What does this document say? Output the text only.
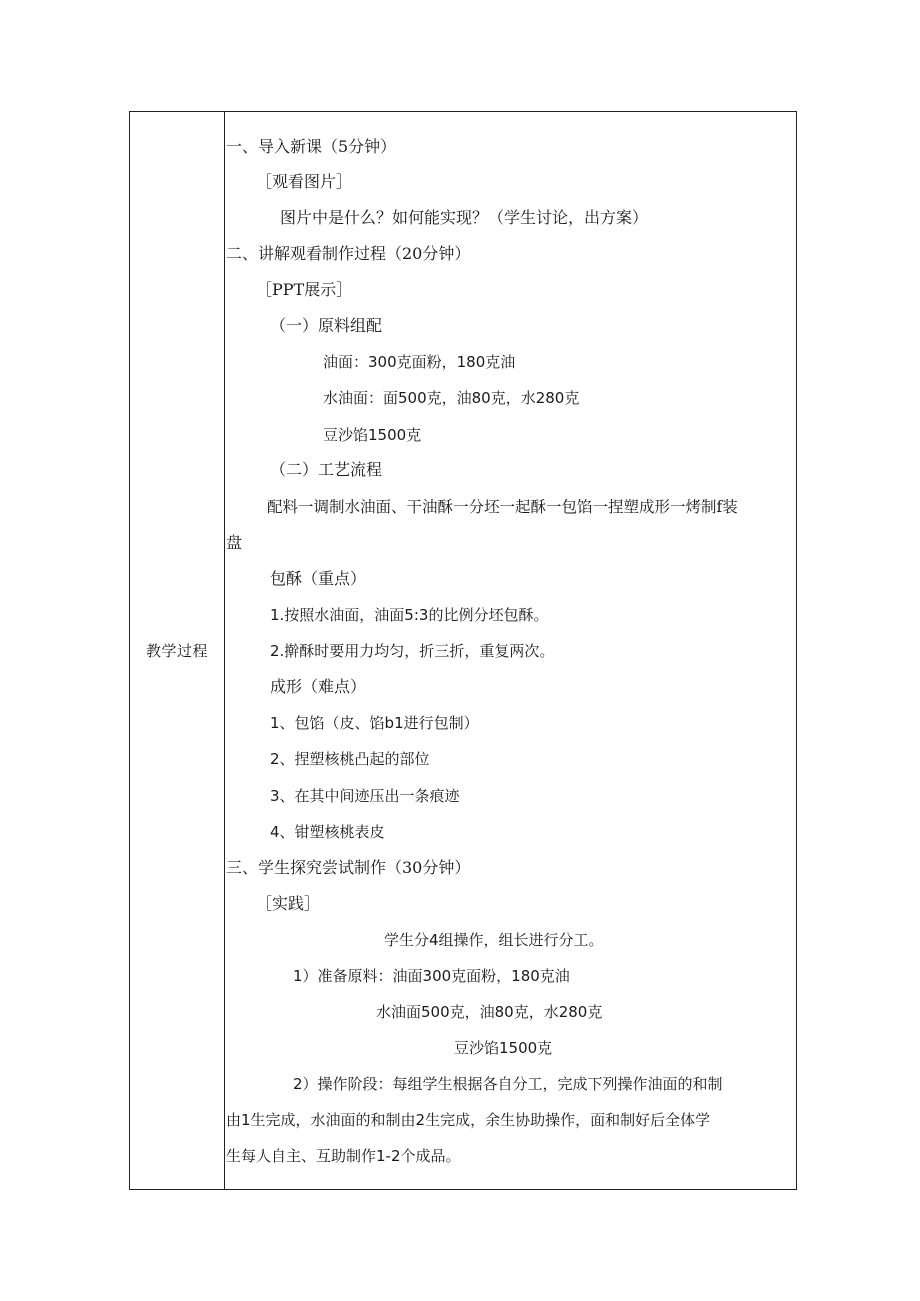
教学过程
一、导入新课（5分钟）
［观看图片］
图片中是什么？如何能实现？（学生讨论，出方案）
二、讲解观看制作过程（20分钟）
［PPT展示］
（一）原料组配
油面：300克面粉，180克油
水油面：面500克，油80克，水280克
豆沙馅1500克
（二）工艺流程
配料一调制水油面、干油酥一分坯一起酥一包馅一捏塑成形一烤制f装
盘
包酥（重点）
1.按照水油面，油面5:3的比例分坯包酥。
2.擀酥时要用力均匀，折三折，重复两次。
成形（难点）
1、包馅（皮、馅b1进行包制）
2、捏塑核桃凸起的部位
3、在其中间迹压出一条痕迹
4、钳塑核桃表皮
三、学生探究尝试制作（30分钟）
［实践］
学生分4组操作，组长进行分工。
1）准备原料：油面300克面粉，180克油
水油面500克，油80克，水280克
豆沙馅1500克
2）操作阶段：每组学生根据各自分工，完成下列操作油面的和制
由1生完成，水油面的和制由2生完成，余生协助操作，面和制好后全体学
生每人自主、互助制作1-2个成品。
